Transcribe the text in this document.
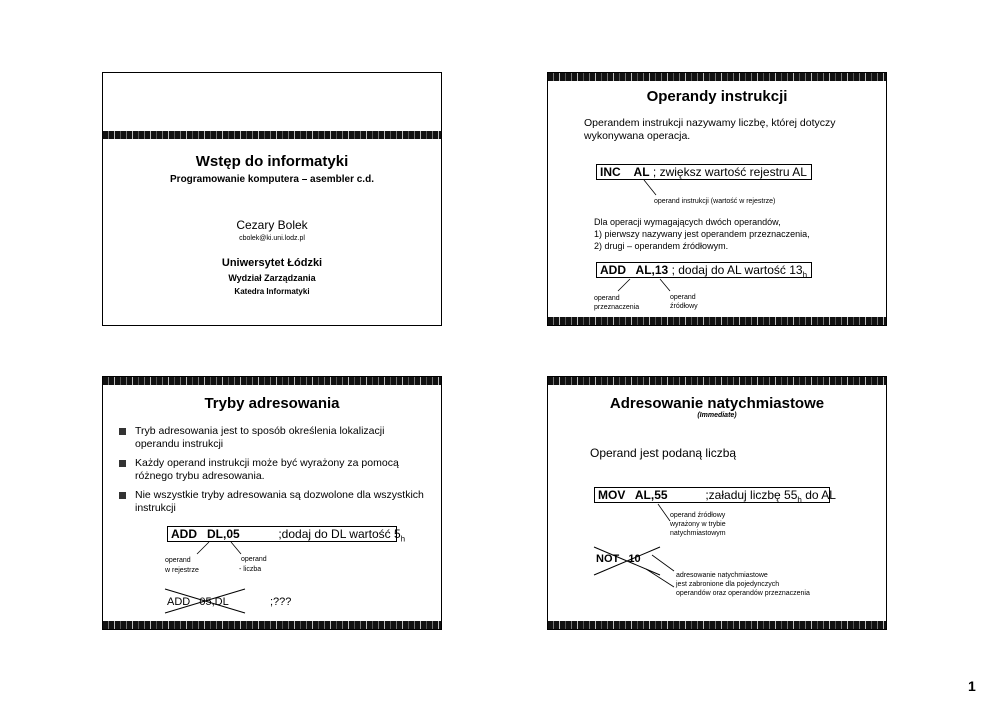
Wstęp do informatyki
Programowanie komputera – asembler c.d.
Cezary Bolek
cbolek@ki.uni.lodz.pl
Uniwersytet Łódzki
Wydział Zarządzania
Katedra Informatyki
Operandy instrukcji
Operandem instrukcji nazywamy liczbę, której dotyczy
wykonywana operacja.
INC    AL ; zwiększ wartość rejestru AL
operand instrukcji (wartość w rejestrze)
Dla operacji wymagających dwóch operandów,
1) pierwszy nazywany jest operandem przeznaczenia,
2) drugi – operandem źródłowym.
ADD   AL,13 ; dodaj do AL wartość $13_h$
operand
przeznaczenia
operand
źródłowy
Tryby adresowania
Tryb adresowania jest to sposób określenia lokalizacji operandu instrukcji
Każdy operand instrukcji może być wyrażony za pomocą różnego trybu adresowania.
Nie wszystkie tryby adresowania są dozwolone dla wszystkich instrukcji
ADD   DL,05	;dodaj do DL wartość $5_h$
operand
w rejestrze
operand
- liczba
ADD   05,DL	;???
Adresowanie natychmiastowe
(Immediate)
Operand jest podaną liczbą
MOV   AL,55	;załaduj liczbę $55_h$ do AL
operand źródłowy
wyrażony w trybie
natychmiastowym
NOT   10
adresowanie natychmiastowe
jest zabronione dla pojedynczych
operandów oraz operandów przeznaczenia
1
